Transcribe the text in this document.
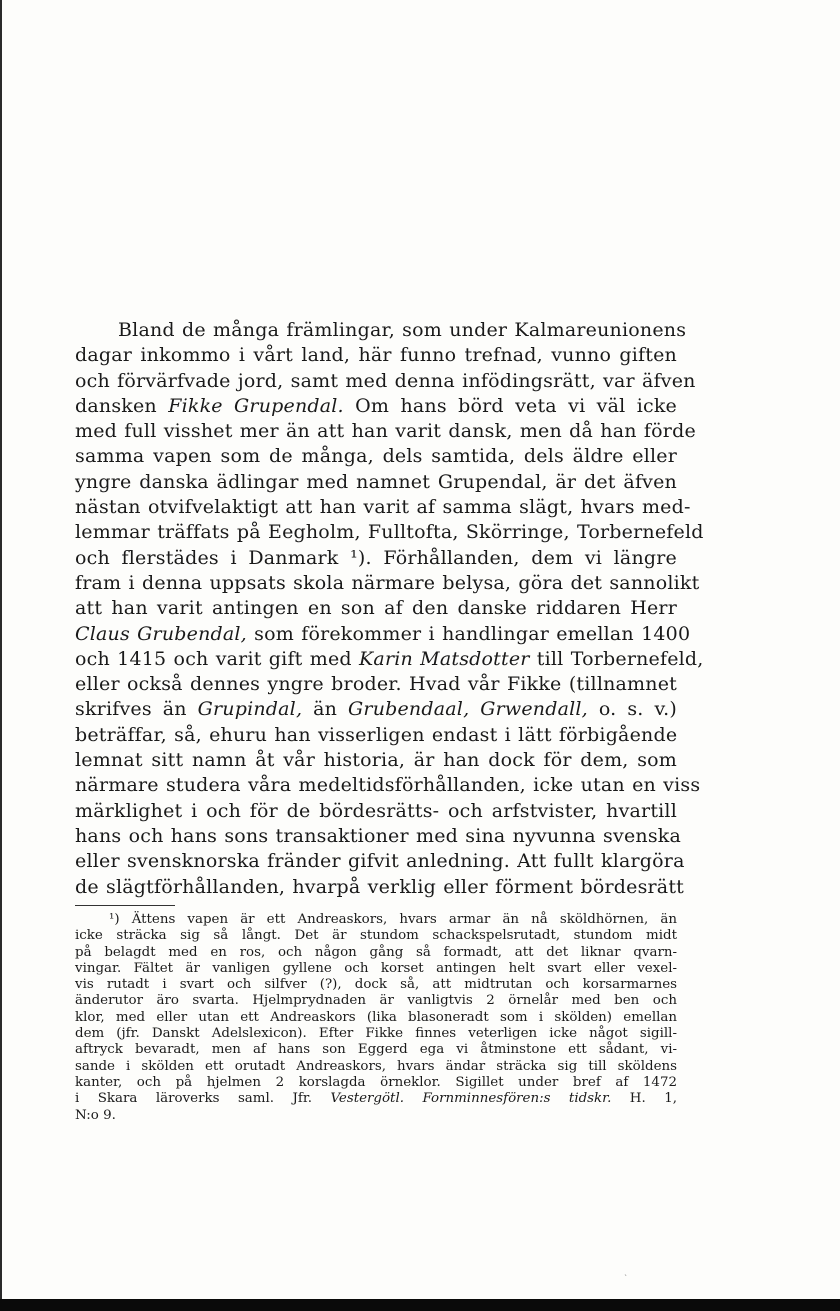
Bland de många främlingar, som under Kalmareunionens
dagar inkommo i vårt land, här funno trefnad, vunno giften
och förvärfvade jord, samt med denna infödingsrätt, var äfven
dansken Fikke Grupendal. Om hans börd veta vi väl icke
med full visshet mer än att han varit dansk, men då han förde
samma vapen som de många, dels samtida, dels äldre eller
yngre danska ädlingar med namnet Grupendal, är det äfven
nästan otvifvelaktigt att han varit af samma slägt, hvars med-
lemmar träffats på Eegholm, Fulltofta, Skörringe, Torbernefeld
och flerstädes i Danmark ¹). Förhållanden, dem vi längre
fram i denna uppsats skola närmare belysa, göra det sannolikt
att han varit antingen en son af den danske riddaren Herr
Claus Grubendal, som förekommer i handlingar emellan 1400
och 1415 och varit gift med Karin Matsdotter till Torbernefeld,
eller också dennes yngre broder. Hvad vår Fikke (tillnamnet
skrifves än Grupindal, än Grubendaal, Grwendall, o. s. v.)
beträffar, så, ehuru han visserligen endast i lätt förbigående
lemnat sitt namn åt vår historia, är han dock för dem, som
närmare studera våra medeltidsförhållanden, icke utan en viss
märklighet i och för de bördesrätts- och arfstvister, hvartill
hans och hans sons transaktioner med sina nyvunna svenska
eller svensknorska fränder gifvit anledning. Att fullt klargöra
de slägtförhållanden, hvarpå verklig eller förment bördesrätt
¹) Ättens vapen är ett Andreaskors, hvars armar än nå sköldhörnen, än
icke sträcka sig så långt. Det är stundom schackspelsrutadt, stundom midt
på belagdt med en ros, och någon gång så formadt, att det liknar qvarn-
vingar. Fältet är vanligen gyllene och korset antingen helt svart eller vexel-
vis rutadt i svart och silfver (?), dock så, att midtrutan och korsarmarnes
änderutor äro svarta. Hjelmprydnaden är vanligtvis 2 örnelår med ben och
klor, med eller utan ett Andreaskors (lika blasoneradt som i skölden) emellan
dem (jfr. Danskt Adelslexicon). Efter Fikke finnes veterligen icke något sigill-
aftryck bevaradt, men af hans son Eggerd ega vi åtminstone ett sådant, vi-
sande i skölden ett orutadt Andreaskors, hvars ändar sträcka sig till sköldens
kanter, och på hjelmen 2 korslagda örneklor. Sigillet under bref af 1472
i Skara läroverks saml. Jfr. Vestergötl. Fornminnesfören:s tidskr. H. 1,
N:o 9.
`
